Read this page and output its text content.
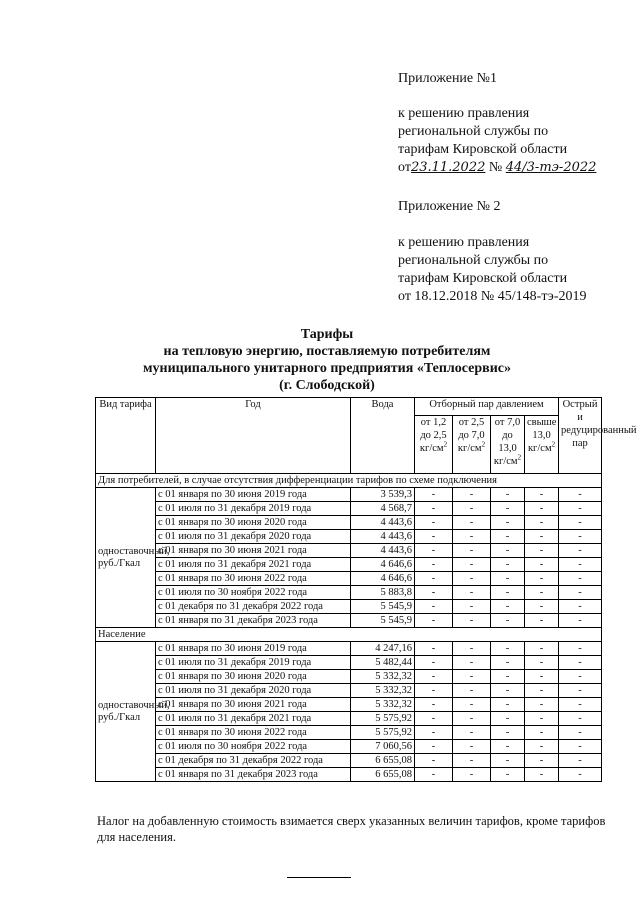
Приложение №1

к решению правления

региональной службы по

тарифам Кировской области

от23.11.2022 № 44/3-тэ-2022

Приложение № 2

к решению правления

региональной службы по

тарифам Кировской области

от 18.12.2018 № 45/148-тэ-2019

Тарифы
на тепловую энергию, поставляемую потребителям
муниципального унитарного предприятия «Теплосервис»
(г. Слободской)
Вид тарифа	Год	Вода	Отборный пар давлением				Острый и редуцированный пар
			от 1,2 до 2,5 $кг/см^2$	от 2,5 до 7,0 $кг/см^2$	от 7,0 до 13,0 $кг/см^2$	свыше 13,0 $кг/см^2$
Для потребителей, в случае отсутствия дифференциации тарифов по схеме подключения							
одноставочный, руб./Гкал	с 01 января по 30 июня 2019 года	3 539,3	-	-	-	-	-
	с 01 июля по 31 декабря 2019 года	4 568,7	-	-	-	-	-
	с 01 января по 30 июня 2020 года	4 443,6	-	-	-	-	-
	с 01 июля по 31 декабря 2020 года	4 443,6	-	-	-	-	-
	с 01 января по 30 июня 2021 года	4 443,6	-	-	-	-	-
	с 01 июля по 31 декабря 2021 года	4 646,6	-	-	-	-	-
	с 01 января по 30 июня 2022 года	4 646,6	-	-	-	-	-
	с 01 июля по 30 ноября 2022 года	5 883,8	-	-	-	-	-
	с 01 декабря по 31 декабря 2022 года	5 545,9	-	-	-	-	-
	с 01 января по 31 декабря 2023 года	5 545,9	-	-	-	-	-
Население							
одноставочный, руб./Гкал	с 01 января по 30 июня 2019 года	4 247,16	-	-	-	-	-
	с 01 июля по 31 декабря 2019 года	5 482,44	-	-	-	-	-
	с 01 января по 30 июня 2020 года	5 332,32	-	-	-	-	-
	с 01 июля по 31 декабря 2020 года	5 332,32	-	-	-	-	-
	с 01 января по 30 июня 2021 года	5 332,32	-	-	-	-	-
	с 01 июля по 31 декабря 2021 года	5 575,92	-	-	-	-	-
	с 01 января по 30 июня 2022 года	5 575,92	-	-	-	-	-
	с 01 июля по 30 ноября 2022 года	7 060,56	-	-	-	-	-
	с 01 декабря по 31 декабря 2022 года	6 655,08	-	-	-	-	-
	с 01 января по 31 декабря 2023 года	6 655,08	-	-	-	-	-
Налог на добавленную стоимость взимается сверх указанных величин тарифов, кроме тарифов для населения.
